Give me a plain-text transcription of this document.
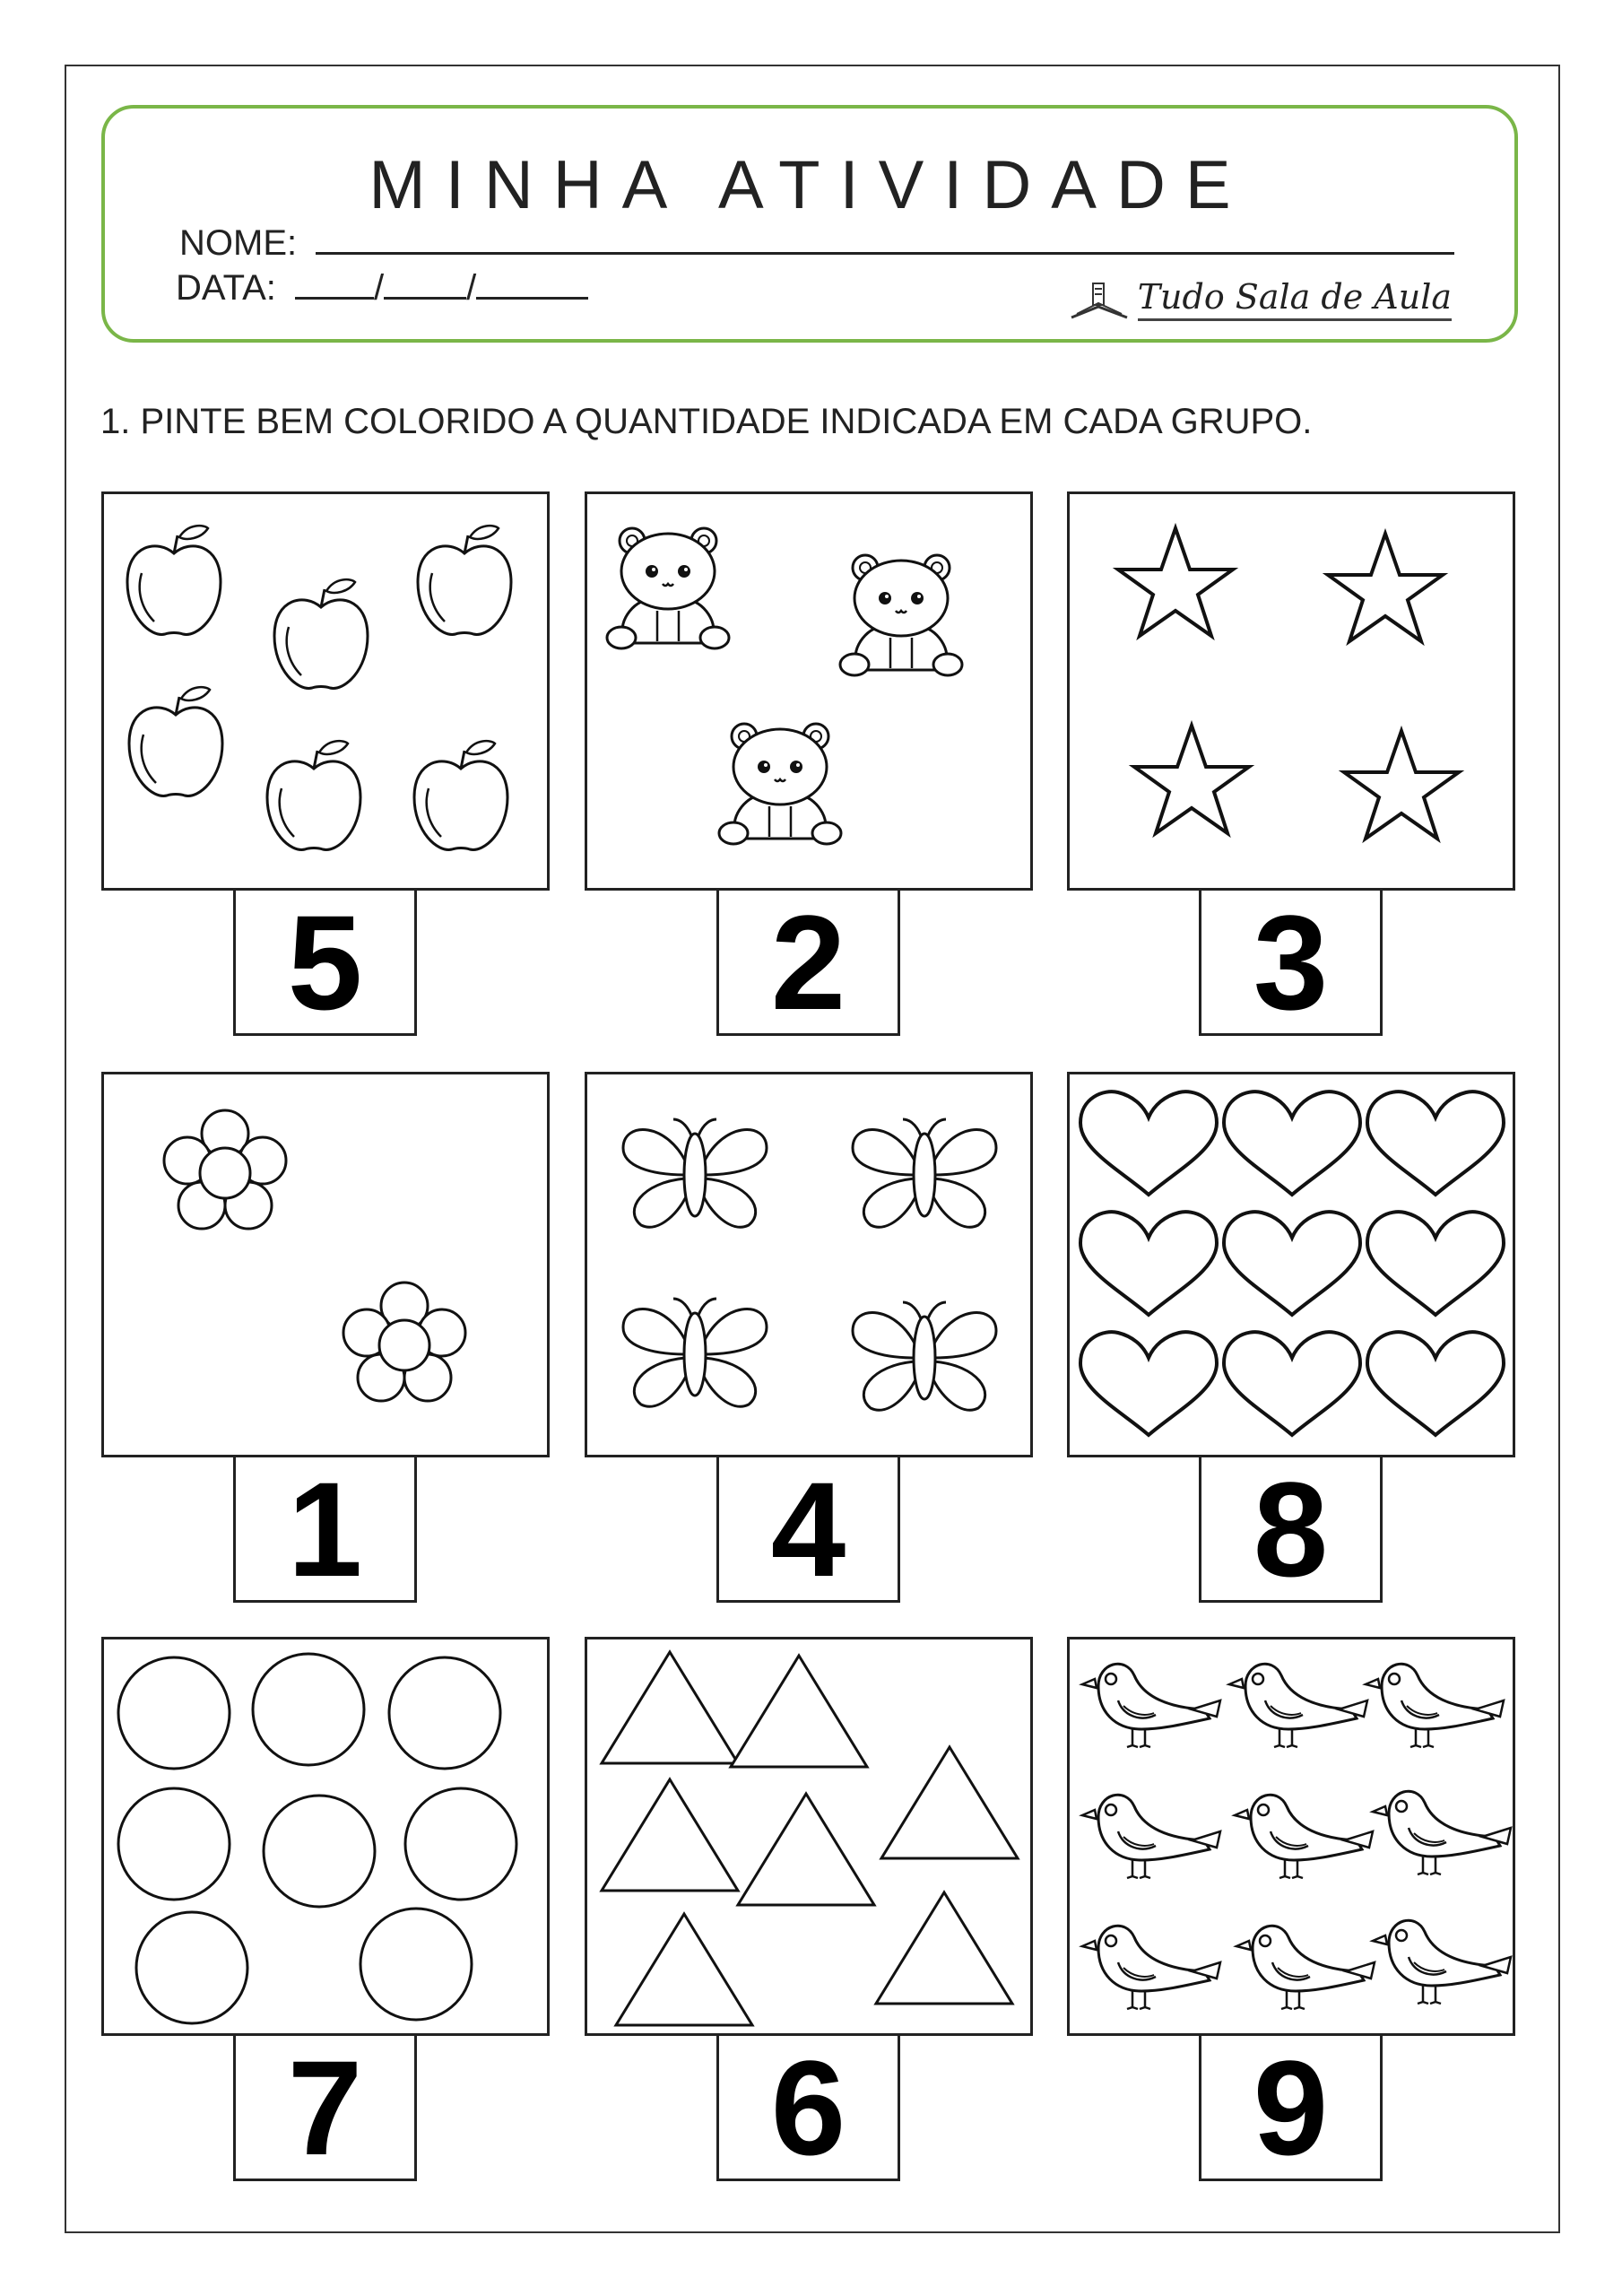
MINHA ATIVIDADE
NOME:
DATA:	/ /	Tudo Sala de Aula
1. PINTE BEM COLORIDO A QUANTIDADE INDICADA EM CADA GRUPO.
5	2	3
1	4	8
7	6	9
